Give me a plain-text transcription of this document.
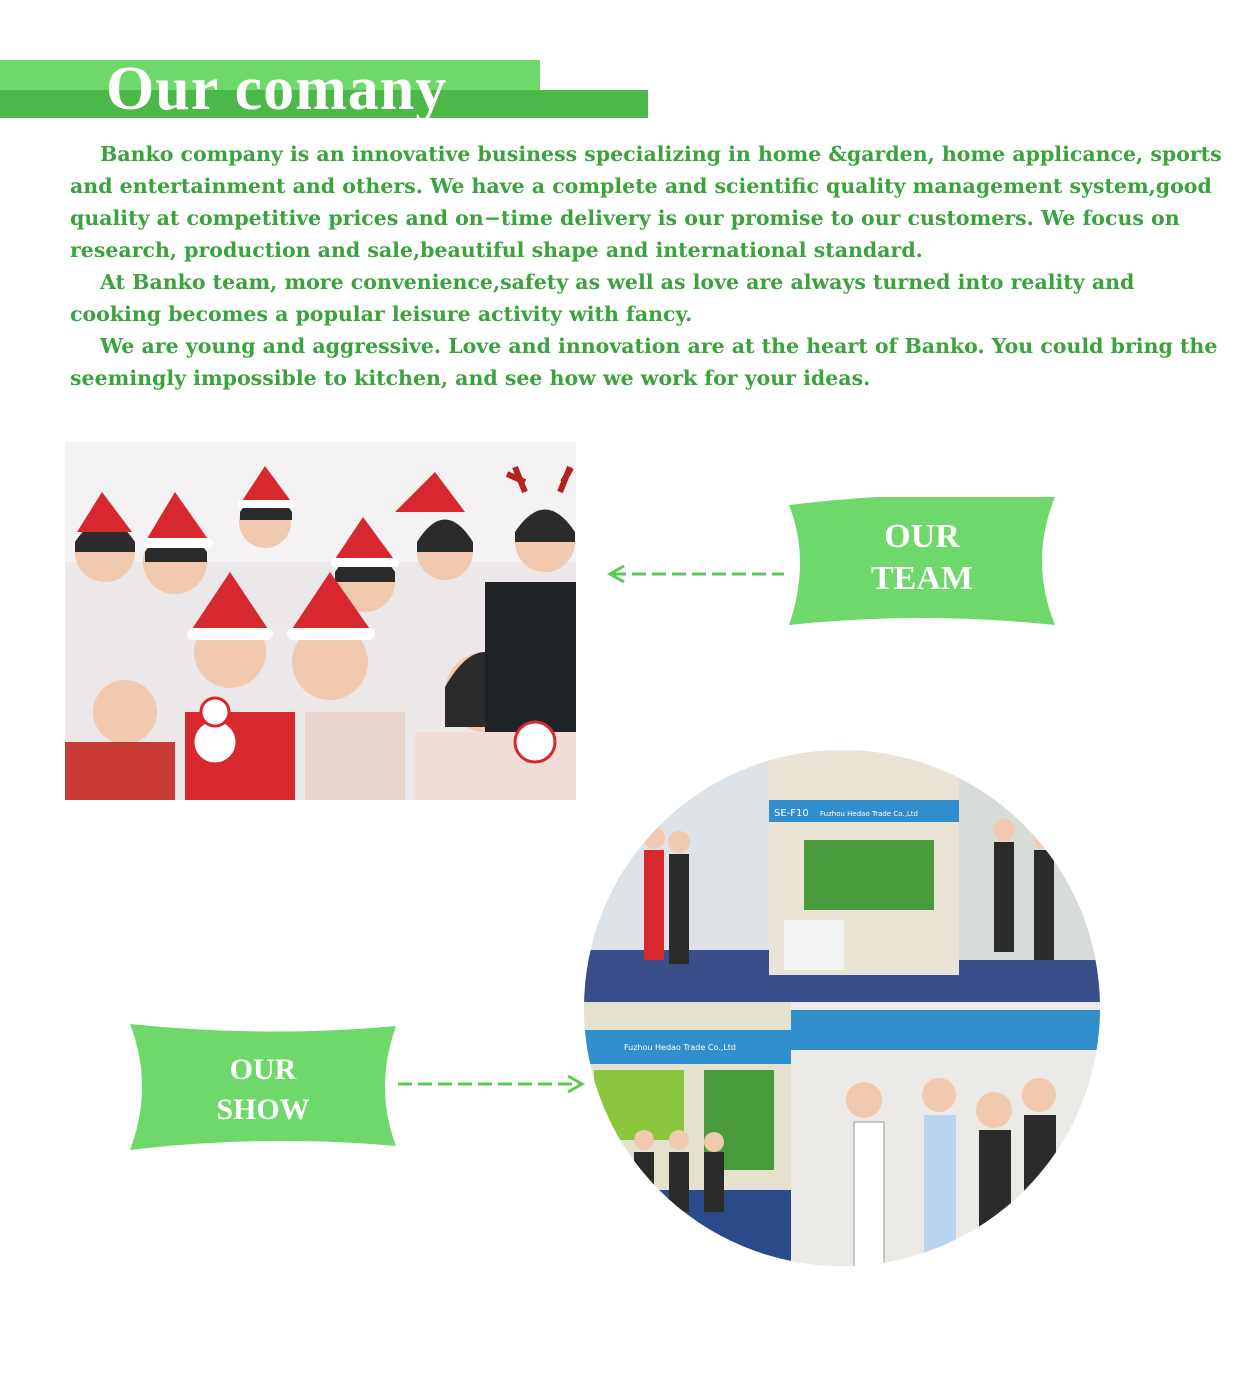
Our comany

Banko company is an innovative business specializing in home &garden, home applicance, sports and entertainment and others. We have a complete and scientific quality management system,good quality at competitive prices and on−time delivery is our promise to our customers. We focus on research, production and sale,beautiful shape and international standard.

At Banko team, more convenience,safety as well as love are always turned into reality and cooking becomes a popular leisure activity with fancy.

We are young and aggressive. Love and innovation are at the heart of Banko. You could bring the seemingly impossible to kitchen, and see how we work for your ideas.

OUR
TEAM
SE-F10 Fuzhou Hedao Trade Co.,Ltd
Fuzhou Hedao Trade Co.,Ltd
OUR
SHOW
